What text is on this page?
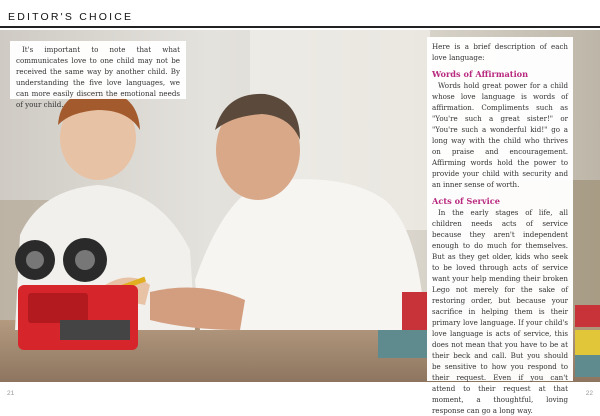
EDITOR'S CHOICE

It's important to note that what communicates love to one child may not be received the same way by another child. By understanding the five love languages, we can more easily discern the emotional needs of your child.

Here is a brief description of each love language:

Words of Affirmation

Words hold great power for a child whose love language is words of affirmation. Compliments such as "You're such a great sister!" or "You're such a wonderful kid!" go a long way with the child who thrives on praise and encouragement. Affirming words hold the power to provide your child with security and an inner sense of worth.

Acts of Service

In the early stages of life, all children needs acts of service because they aren't independent enough to do much for themselves. But as they get older, kids who seek to be loved through acts of service want your help mending their broken Lego not merely for the sake of restoring order, but because your sacrifice in helping them is their primary love language. If your child's love language is acts of service, this does not mean that you have to be at their beck and call. But you should be sensitive to how you respond to their request. Even if you can't attend to their request at that moment, a thoughtful, loving response can go a long way.

21	22
